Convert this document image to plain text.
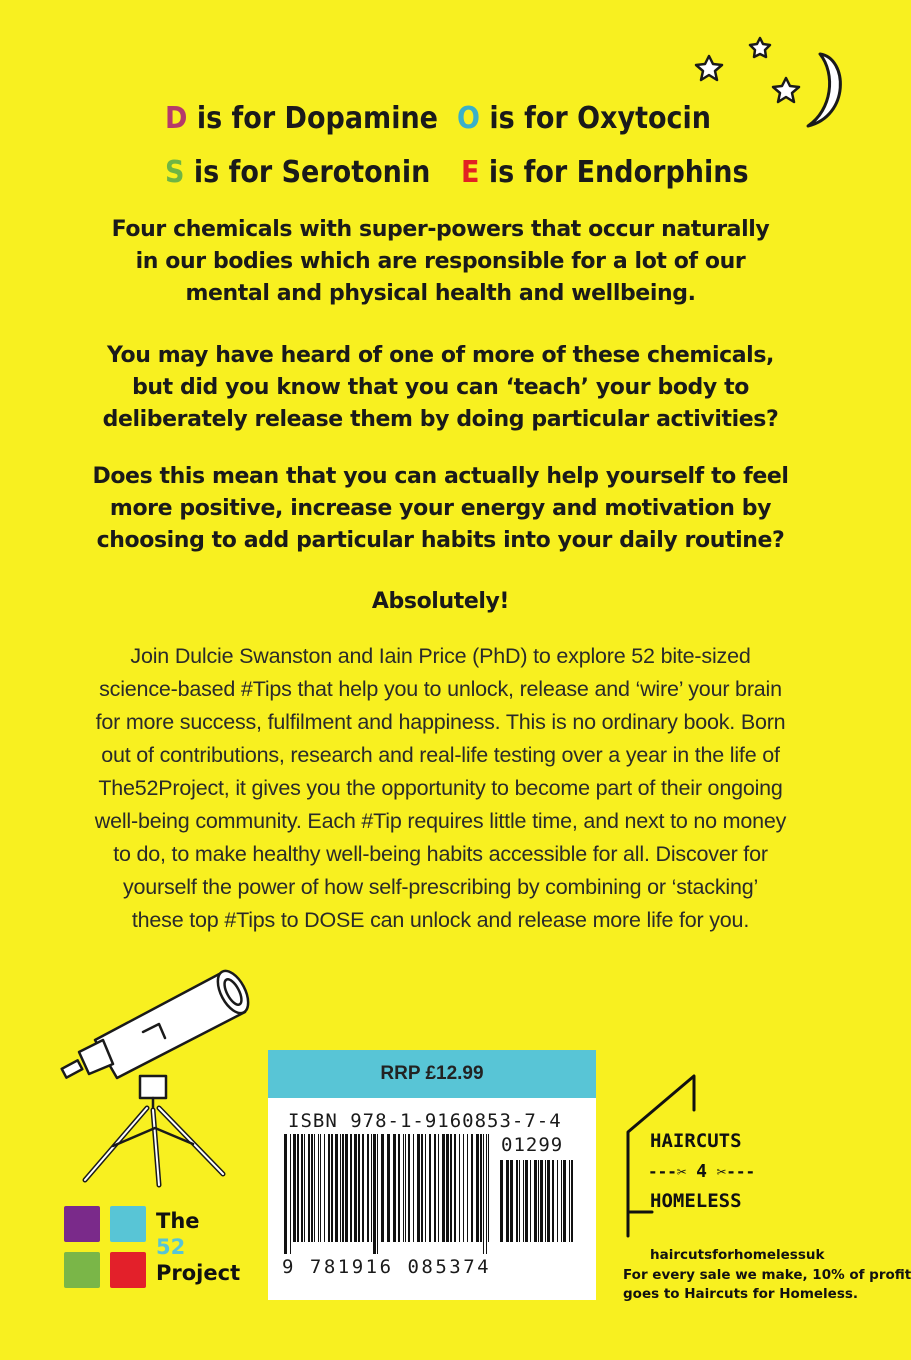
D is for Dopamine O is for Oxytocin
S is for Serotonin E is for Endorphins
Four chemicals with super-powers that occur naturally
in our bodies which are responsible for a lot of our
mental and physical health and wellbeing.
You may have heard of one of more of these chemicals,
but did you know that you can ‘teach’ your body to
deliberately release them by doing particular activities?
Does this mean that you can actually help yourself to feel
more positive, increase your energy and motivation by
choosing to add particular habits into your daily routine?
Absolutely!
Join Dulcie Swanston and Iain Price (PhD) to explore 52 bite-sized
science-based #Tips that help you to unlock, release and ‘wire’ your brain
for more success, fulfilment and happiness. This is no ordinary book. Born
out of contributions, research and real-life testing over a year in the life of
The52Project, it gives you the opportunity to become part of their ongoing
well-being community. Each #Tip requires little time, and next to no money
to do, to make healthy well-being habits accessible for all. Discover for
yourself the power of how self-prescribing by combining or ‘stacking’
these top #Tips to DOSE can unlock and release more life for you.
The
52
Project
RRP £12.99
ISBN 978-1-9160853-7-4
01299
9 781916 085374
HAIRCUTS
---✂ 4 ✂---
HOMELESS
haircutsforhomelessuk
For every sale we make, 10% of profit
goes to Haircuts for Homeless.
